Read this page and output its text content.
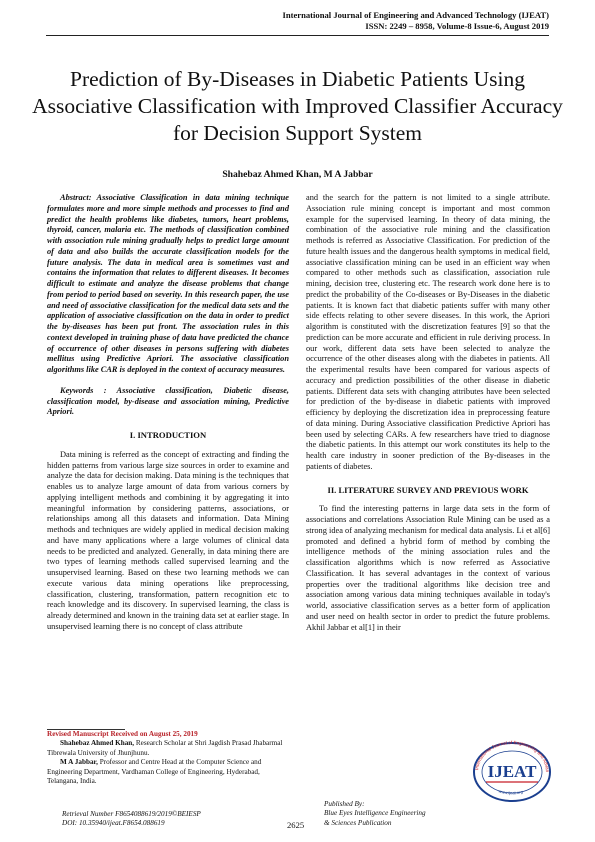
International Journal of Engineering and Advanced Technology (IJEAT)
ISSN: 2249 – 8958, Volume-8 Issue-6, August 2019
Prediction of By-Diseases in Diabetic Patients Using Associative Classification with Improved Classifier Accuracy for Decision Support System
Shahebaz Ahmed Khan, M A Jabbar

Abstract: Associative Classification in data mining technique formulates more and more simple methods and processes to find and predict the health problems like diabetes, tumors, heart problems, thyroid, cancer, malaria etc. The methods of classification combined with association rule mining gradually helps to predict large amount of data and also builds the accurate classification models for the future analysis. The data in medical area is sometimes vast and contains the information that relates to different diseases. It becomes difficult to estimate and analyze the disease problems that change from period to period based on severity. In this research paper, the use and need of associative classification for the medical data sets and the application of associative classification on the data in order to predict the by-diseases has been put front. The association rules in this context developed in training phase of data have predicted the chance of occurrence of other diseases in persons suffering with diabetes mellitus using Predictive Apriori. The associative classification algorithms like CAR is deployed in the context of accuracy measures.

Keywords : Associative classification, Diabetic disease, classification model, by-disease and association mining, Predictive Apriori.

I. INTRODUCTION

Data mining is referred as the concept of extracting and finding the hidden patterns from various large size sources in order to examine and analyze the data for decision making. Data mining is the techniques that enables us to analyze large amount of data from various corners by applying intelligent methods and combining it by aggregating it into meaningful information by considering patterns, associations, or relationships among all this datasets and information. Data Mining methods and techniques are widely applied in medical decision making and have many applications where a large volumes of clinical data needs to be predicted and analyzed. Generally, in data mining there are two types of learning methods called supervised learning and the unsupervised learning. Based on these two learning methods we can execute various data mining operations like preprocessing, classification, clustering, transformation, pattern recognition etc to reach knowledge and its discovery. In supervised learning, the class is already determined and known in the training data set at earlier stage. In unsupervised learning there is no concept of class attribute

Revised Manuscript Received on August 25, 2019
Shahebaz Ahmed Khan, Research Scholar at Shri Jagdish Prasad Jhabarmal Tibrewala University of Jhunjhunu.
M A Jabbar, Professor and Centre Head at the Computer Science and Engineering Department, Vardhaman College of Engineering, Hyderabad, Telangana, India.

and the search for the pattern is not limited to a single attribute. Association rule mining concept is important and most common example for the supervised learning. In theory of data mining, the combination of the associative rule mining and the classification methods is referred as Associative Classification. For prediction of the future health issues and the dangerous health symptoms in medical field, associative classification mining can be used in an efficient way when compared to other methods such as classification, association rule mining, decision tree, clustering etc. The research work done here is to predict the probability of the Co-diseases or By-Diseases in the diabetic patients. It is known fact that diabetic patients suffer with many other side effects relating to other severe diseases. In this work, the Apriori algorithm is constituted with the discretization features [9] so that the prediction can be more accurate and efficient in rule deriving process. In our work, different data sets have been selected to analyze the occurrence of the other diseases along with the diabetes in patients. All the experimental results have been compared for various aspects of accuracy and prediction possibilities of the other disease in diabetic patients. Different data sets with changing attributes have been selected for prediction of the by-disease in diabetic patients with improved efficiency by deploying the discretization idea in preprocessing feature of data mining. During Associative classification Predictive Apriori has been used by selecting CARs. A few researchers have tried to diagnose the diabetic patients. In this attempt our work constitutes its help to the health care industry in sooner prediction of the By-diseases in the patients of diabetes.

II. LITERATURE SURVEY AND PREVIOUS WORK

To find the interesting patterns in large data sets in the form of associations and correlations Association Rule Mining can be used as a strong idea of analyzing mechanism for medical data analysis. Li et al[6] promoted and defined a hybrid form of method by combing the intelligence methods of the mining association rules and the classification algorithms which is now referred as Associative Classification. It has several advantages in the context of various properties over the traditional algorithms like decision tree and association among various data mining techniques available in today's world, associative classification serves as a better form of application and user need on health sector in order to predict the future problems. Akhil Jabbar et al[1] in their

Retrieval Number F8654088619/2019©BEIESP
DOI: 10.35940/ijeat.F8654.088619	2625
Published By:
Blue Eyes Intelligence Engineering
& Sciences Publication
International Journal of Engineering and Advan
www.ijeat.org
IJEAT
